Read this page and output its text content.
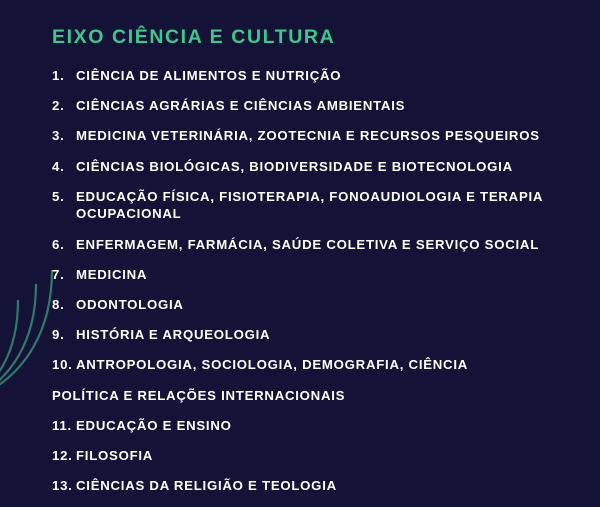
EIXO CIÊNCIA E CULTURA
1. CIÊNCIA DE ALIMENTOS E NUTRIÇÃO
2. CIÊNCIAS AGRÁRIAS E CIÊNCIAS AMBIENTAIS
3. MEDICINA VETERINÁRIA, ZOOTECNIA E RECURSOS PESQUEIROS
4. CIÊNCIAS BIOLÓGICAS, BIODIVERSIDADE E BIOTECNOLOGIA
5. EDUCAÇÃO FÍSICA, FISIOTERAPIA, FONOAUDIOLOGIA E TERAPIA OCUPACIONAL
6. ENFERMAGEM, FARMÁCIA, SAÚDE COLETIVA E SERVIÇO SOCIAL
7. MEDICINA
8. ODONTOLOGIA
9. HISTÓRIA E ARQUEOLOGIA
10. ANTROPOLOGIA, SOCIOLOGIA, DEMOGRAFIA, CIÊNCIA

POLÍTICA E RELAÇÕES INTERNACIONAIS

11. EDUCAÇÃO E ENSINO
12. FILOSOFIA
13. CIÊNCIAS DA RELIGIÃO E TEOLOGIA
